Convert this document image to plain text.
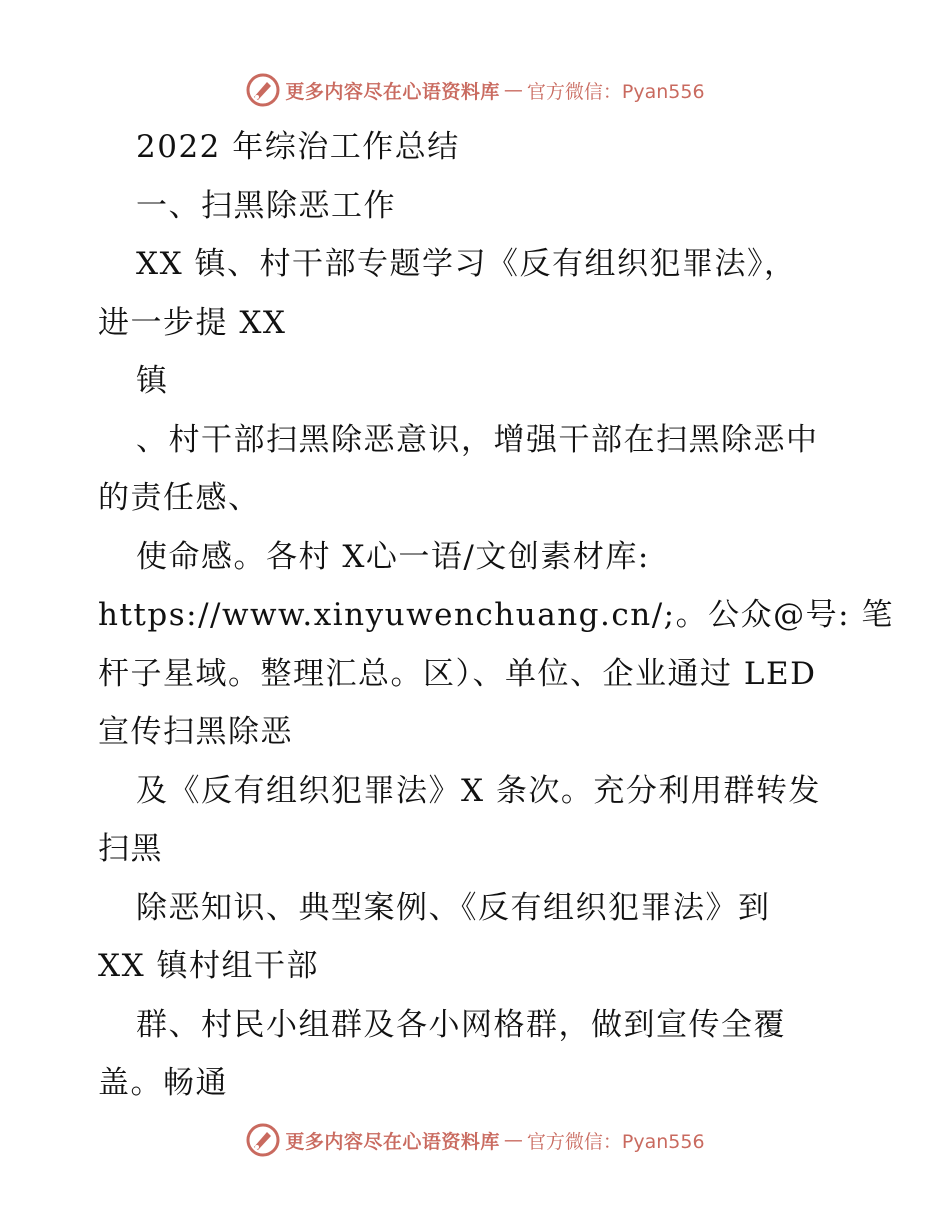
更多内容尽在心语资料库 — 官方微信：Pyan556
2022 年综治工作总结
一、扫黑除恶工作
XX 镇、村干部专题学习《反有组织犯罪法》，
进一步提 XX
镇
、村干部扫黑除恶意识，增强干部在扫黑除恶中
的责任感、
使命感。各村 X心一语/文创素材库:
https://www.xinyuwenchuang.cn/;。公众@号: 笔
杆子星域。整理汇总。区）、单位、企业通过 LED
宣传扫黑除恶
及《反有组织犯罪法》X 条次。充分利用群转发
扫黑
除恶知识、典型案例、《反有组织犯罪法》到
XX 镇村组干部
群、村民小组群及各小网格群，做到宣传全覆
盖。畅通
更多内容尽在心语资料库 — 官方微信：Pyan556
